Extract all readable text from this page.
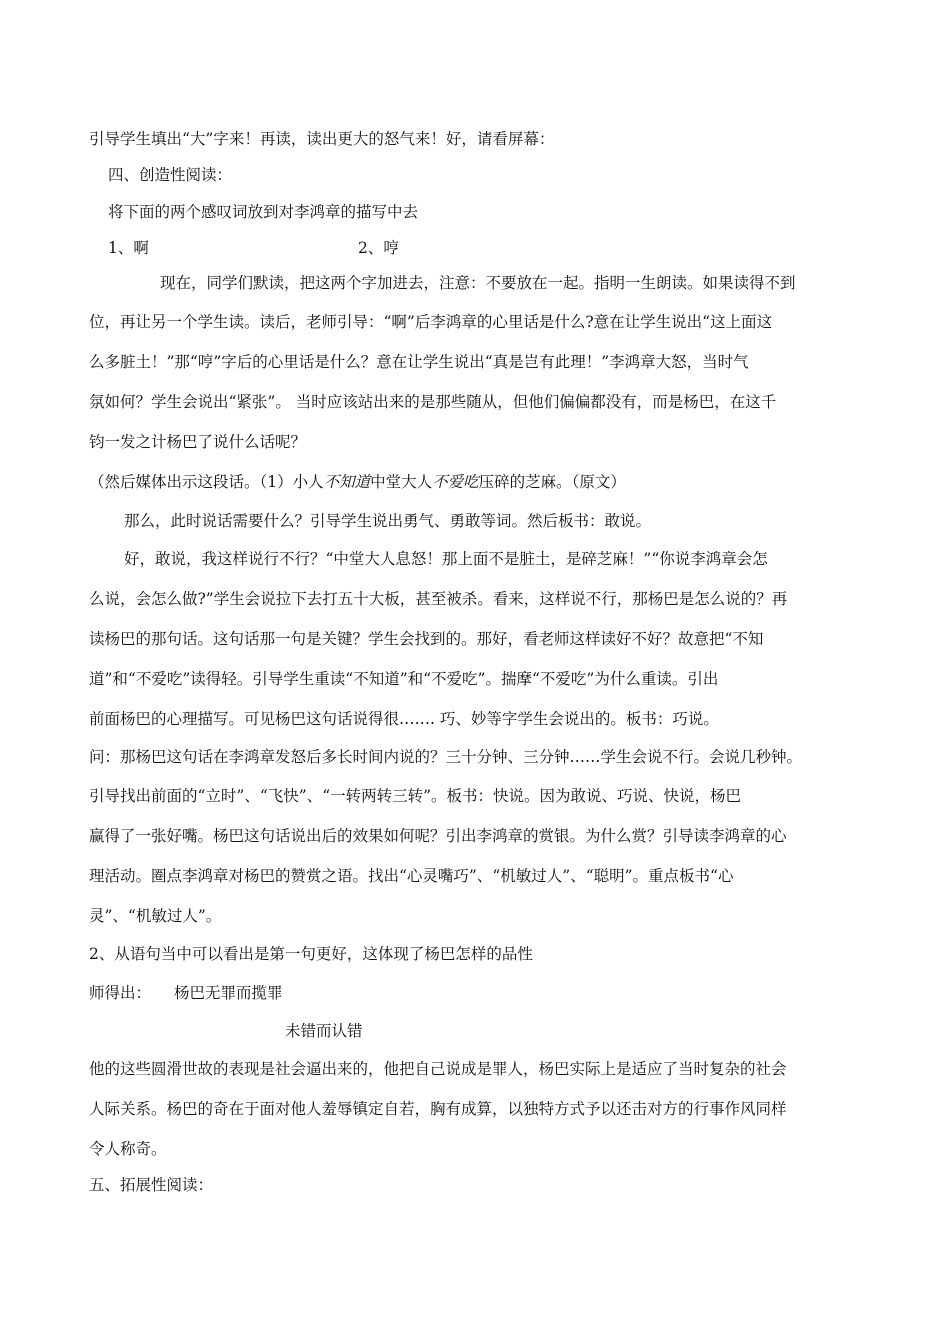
引导学生填出“大”字来！再读，读出更大的怒气来！好，请看屏幕：
四、创造性阅读：
将下面的两个感叹词放到对李鸿章的描写中去
1、啊	2、哼
现在，同学们默读，把这两个字加进去，注意：不要放在一起。指明一生朗读。如果读得不到
位，再让另一个学生读。读后，老师引导：“啊”后李鸿章的心里话是什么?意在让学生说出“这上面这
么多脏土！”那“哼”字后的心里话是什么？意在让学生说出“真是岂有此理！”李鸿章大怒，当时气
氛如何？学生会说出“紧张”。 当时应该站出来的是那些随从，但他们偏偏都没有，而是杨巴，在这千
钧一发之计杨巴了说什么话呢？
（然后媒体出示这段话。（1）小人不知道中堂大人不爱吃压碎的芝麻。（原文）
那么，此时说话需要什么？引导学生说出勇气、勇敢等词。然后板书：敢说。
好，敢说，我这样说行不行？“中堂大人息怒！那上面不是脏土，是碎芝麻！”“你说李鸿章会怎
么说，会怎么做?”学生会说拉下去打五十大板，甚至被杀。看来，这样说不行，那杨巴是怎么说的？再
读杨巴的那句话。这句话那一句是关键？学生会找到的。那好，看老师这样读好不好？故意把“不知
道”和“不爱吃”读得轻。引导学生重读“不知道”和“不爱吃”。揣摩“不爱吃”为什么重读。引出
前面杨巴的心理描写。可见杨巴这句话说得很……. 巧、妙等字学生会说出的。板书：巧说。
问：那杨巴这句话在李鸿章发怒后多长时间内说的？三十分钟、三分钟……学生会说不行。会说几秒钟。
引导找出前面的“立时”、“飞快”、“一转两转三转”。板书：快说。因为敢说、巧说、快说，杨巴
赢得了一张好嘴。杨巴这句话说出后的效果如何呢？引出李鸿章的赏银。为什么赏？引导读李鸿章的心
理活动。圈点李鸿章对杨巴的赞赏之语。找出“心灵嘴巧”、“机敏过人”、“聪明”。重点板书“心
灵”、“机敏过人”。
2、从语句当中可以看出是第一句更好，这体现了杨巴怎样的品性
师得出： 杨巴无罪而揽罪
未错而认错
他的这些圆滑世故的表现是社会逼出来的，他把自己说成是罪人，杨巴实际上是适应了当时复杂的社会
人际关系。杨巴的奇在于面对他人羞辱镇定自若，胸有成算，以独特方式予以还击对方的行事作风同样
令人称奇。
五、拓展性阅读：
